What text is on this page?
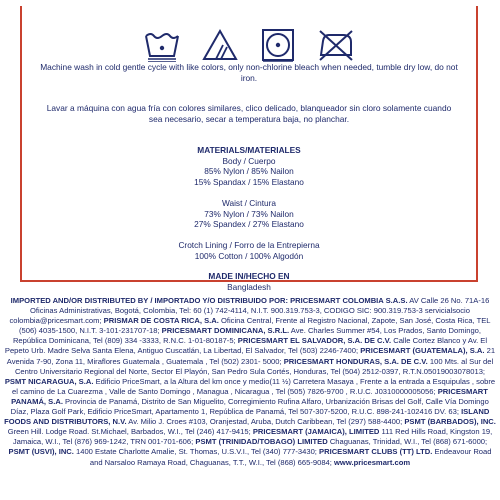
Machine wash in cold gentle cycle with like colors, only non-chlorine bleach when needed, tumble dry low, do not iron.
Lavar a máquina con agua fría con colores similares, clico delicado, blanqueador sin cloro solamente cuando sea necesario, secar a temperatura baja, no planchar.
MATERIALS/MATERIALES
Body / Cuerpo
85% Nylon / 85% Nailon
15% Spandax / 15% Elastano
Waist / Cintura
73% Nylon / 73% Nailon
27% Spandex / 27% Elastano
Crotch Lining / Forro de la Entrepierna
100% Cotton / 100% Algodón
MADE IN/HECHO EN
Bangladesh
IMPORTED AND/OR DISTRIBUTED BY / IMPORTADO Y/O DISTRIBUIDO POR: PRICESMART COLOMBIA S.A.S. AV Calle 26 No. 71A-16 Oficinas Administrativas, Bogotá, Colombia, Tel: 60 (1) 742-4114, N.I.T. 900.319.753-3, CODIGO SIC: 900.319.753-3 servicialsocio colombia@pricesmart.com; PRISMAR DE COSTA RICA, S.A. Oficina Central, Frente al Registro Nacional, Zapote, San José, Costa Rica, TEL (506) 4035-1500, N.I.T. 3-101-231707-18; PRICESMART DOMINICANA, S.R.L. Ave. Charles Summer #54, Los Prados, Santo Domingo, República Dominicana, Tel (809) 334 -3333, R.N.C. 1-01-80187-5; PRICESMART EL SALVADOR, S.A. DE C.V. Calle Cortez Blanco y Av. El Pepeto Urb. Madre Selva Santa Elena, Antiguo Cuscatlán, La Libertad, El Salvador, Tel (503) 2246-7400; PRICESMART (GUATEMALA), S.A. 21 Avenida 7-90, Zona 11, Miraflores Guatemala , Guatemala , Tel (502) 2301- 5000; PRICESMART HONDURAS, S.A. DE C.V. 100 Mts. al Sur del Centro Universitario Regional del Norte, Sector El Playón, San Pedro Sula Cortés, Honduras, Tel (504) 2512-0397, R.T.N.05019003078013; PSMT NICARAGUA, S.A. Edificio PriceSmart, a la Altura del km once y medio(11 ½) Carretera Masaya , Frente a la entrada a Esquipulas , sobre el camino de La Cuarezma , Valle de Santo Domingo , Managua , Nicaragua , Tel (505) 7826-9700 , R.U.C. J0310000005056; PRICESMART PANAMÁ, S.A. Provincia de Panamá, Distrito de San Miguelito, Corregimiento Rufina Alfaro, Urbanización Brisas del Golf, Calle Vía Domingo Díaz, Plaza Golf Park, Edificio PriceSmart, Apartamento 1, República de Panamá, Tel 507-307-5200, R.U.C. 898-241-102416 DV. 63; ISLAND FOODS AND DISTRIBUTORS, N.V. Av. Milio J. Croes #103, Oranjestad, Aruba, Dutch Caribbean, Tel (297) 588-4400; PSMT (BARBADOS), INC. Green Hill. Lodge Road. St.Michael, Barbados, W.I., Tel (246) 417-9415; PRICESMART (JAMAICA), LIMITED 111 Red Hills Road, Kingston 19, Jamaica, W.I., Tel (876) 969-1242, TRN 001-701-606; PSMT (TRINIDAD/TOBAGO) LIMITED Chaguanas, Trinidad, W.I., Tel (868) 671-6000; PSMT (USVI), INC. 1400 Estate Charlotte Amalie, St. Thomas, U.S.V.I., Tel (340) 777-3430; PRICESMART CLUBS (TT) LTD. Endeavour Road and Narsaloo Ramaya Road, Chaguanas, T.T., W.I., Tel (868) 665-9084; www.pricesmart.com
